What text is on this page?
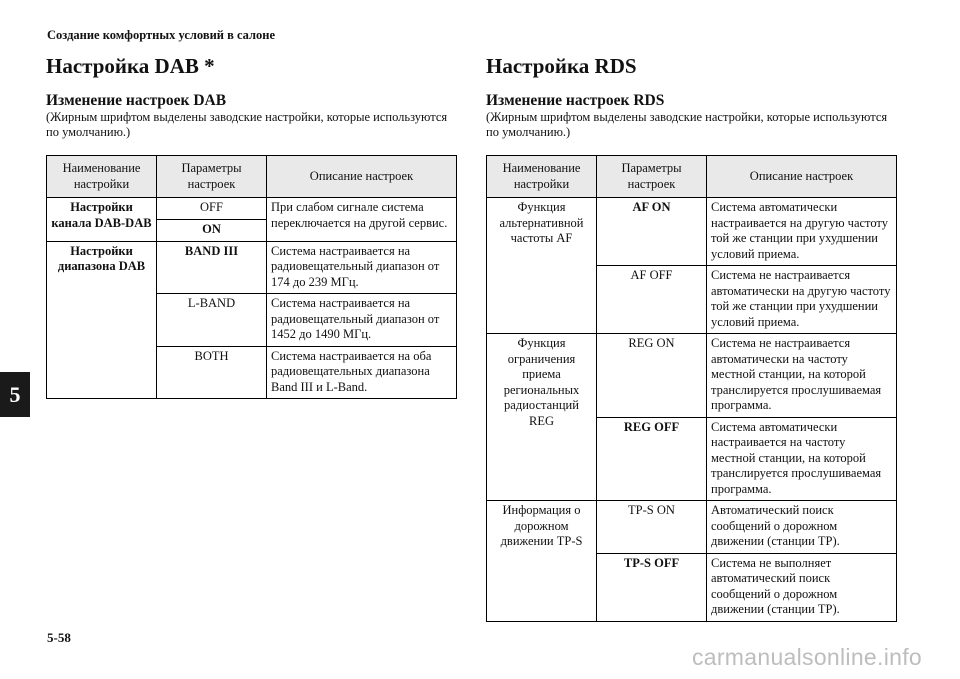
Создание комфортных условий в салоне
5
Настройка DAB *
Изменение настроек DAB

(Жирным шрифтом выделены заводские настройки, которые используются по умолчанию.)

Наименование настройки	Параметры настроек	Описание настроек
Настройки канала DAB-DAB	OFF	При слабом сигнале система переключается на другой сервис.
	ON	
Настройки диапазона DAB	BAND III	Система настраивается на радиовещательный диапазон от 174 до 239 МГц.
	L-BAND	Система настраивается на радиовещательный диапазон от 1452 до 1490 МГц.
	BOTH	Система настраивается на оба радиовещательных диапазона Band III и L-Band.
Настройка RDS
Изменение настроек RDS

(Жирным шрифтом выделены заводские настройки, которые используются по умолчанию.)

Наименование настройки	Параметры настроек	Описание настроек
Функция альтернативной частоты AF	AF ON	Система автоматически настраивается на другую частоту той же станции при ухудшении условий приема.
	AF OFF	Система не настраивается автоматически на другую частоту той же станции при ухудшении условий приема.
Функция ограничения приема региональных радиостанций REG	REG ON	Система не настраивается автоматически на частоту местной станции, на которой транслируется прослушиваемая программа.
	REG OFF	Система автоматически настраивается на частоту местной станции, на которой транслируется прослушиваемая программа.
Информация о дорожном движении TP-S	TP-S ON	Автоматический поиск сообщений о дорожном движении (станции TP).
	TP-S OFF	Система не выполняет автоматический поиск сообщений о дорожном движении (станции TP).
5-58
carmanualsonline.info
